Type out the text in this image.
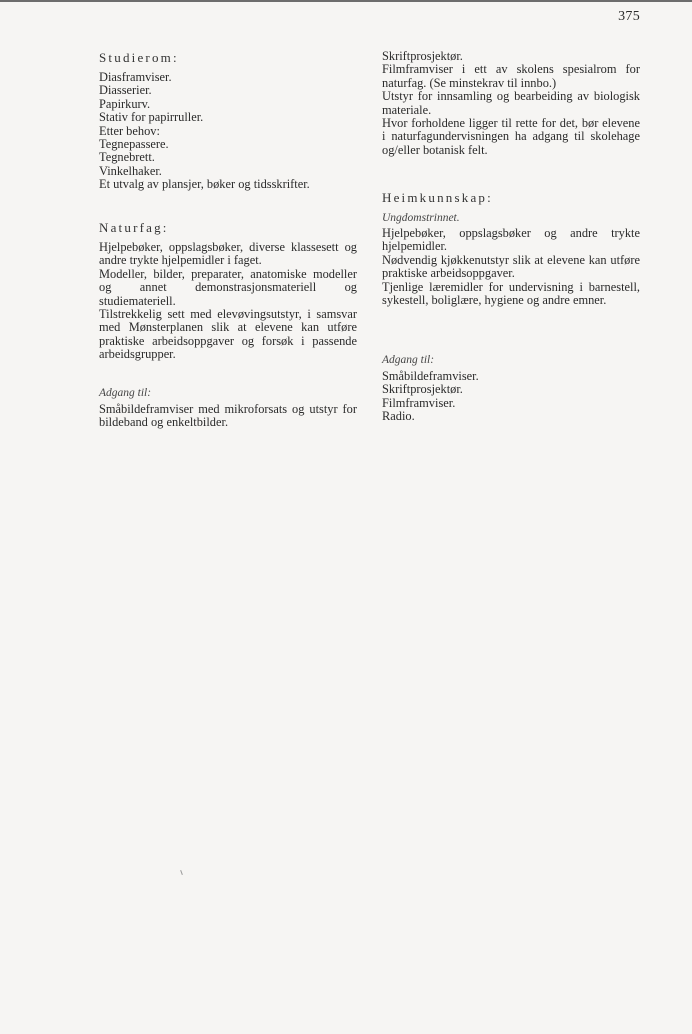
375

Studierom:

Diasframviser.
Diasserier.
Papirkurv.
Stativ for papirruller.
Etter behov:
Tegnepassere.
Tegnebrett.
Vinkelhaker.
Et utvalg av plansjer, bøker og tidsskrifter.

Naturfag:

Hjelpebøker, oppslagsbøker, diverse klassesett og andre trykte hjelpemidler i faget.

Modeller, bilder, preparater, anatomiske modeller og annet demonstrasjonsmateriell og studiemateriell.

Tilstrekkelig sett med elevøvingsutstyr, i samsvar med Mønsterplanen slik at elevene kan utføre praktiske arbeidsoppgaver og forsøk i passende arbeidsgrupper.

Adgang til:

Småbildeframviser med mikroforsats og utstyr for bildeband og enkeltbilder.

Skriftprosjektør.

Filmframviser i ett av skolens spesialrom for naturfag. (Se minstekrav til innbo.)

Utstyr for innsamling og bearbeiding av biologisk materiale.

Hvor forholdene ligger til rette for det, bør elevene i naturfagundervisningen ha adgang til skolehage og/eller botanisk felt.

Heimkunnskap:

Ungdomstrinnet.

Hjelpebøker, oppslagsbøker og andre trykte hjelpemidler.

Nødvendig kjøkkenutstyr slik at elevene kan utføre praktiske arbeidsoppgaver.

Tjenlige læremidler for undervisning i barnestell, sykestell, boliglære, hygiene og andre emner.

Adgang til:

Småbildeframviser.
Skriftprosjektør.
Filmframviser.
Radio.
